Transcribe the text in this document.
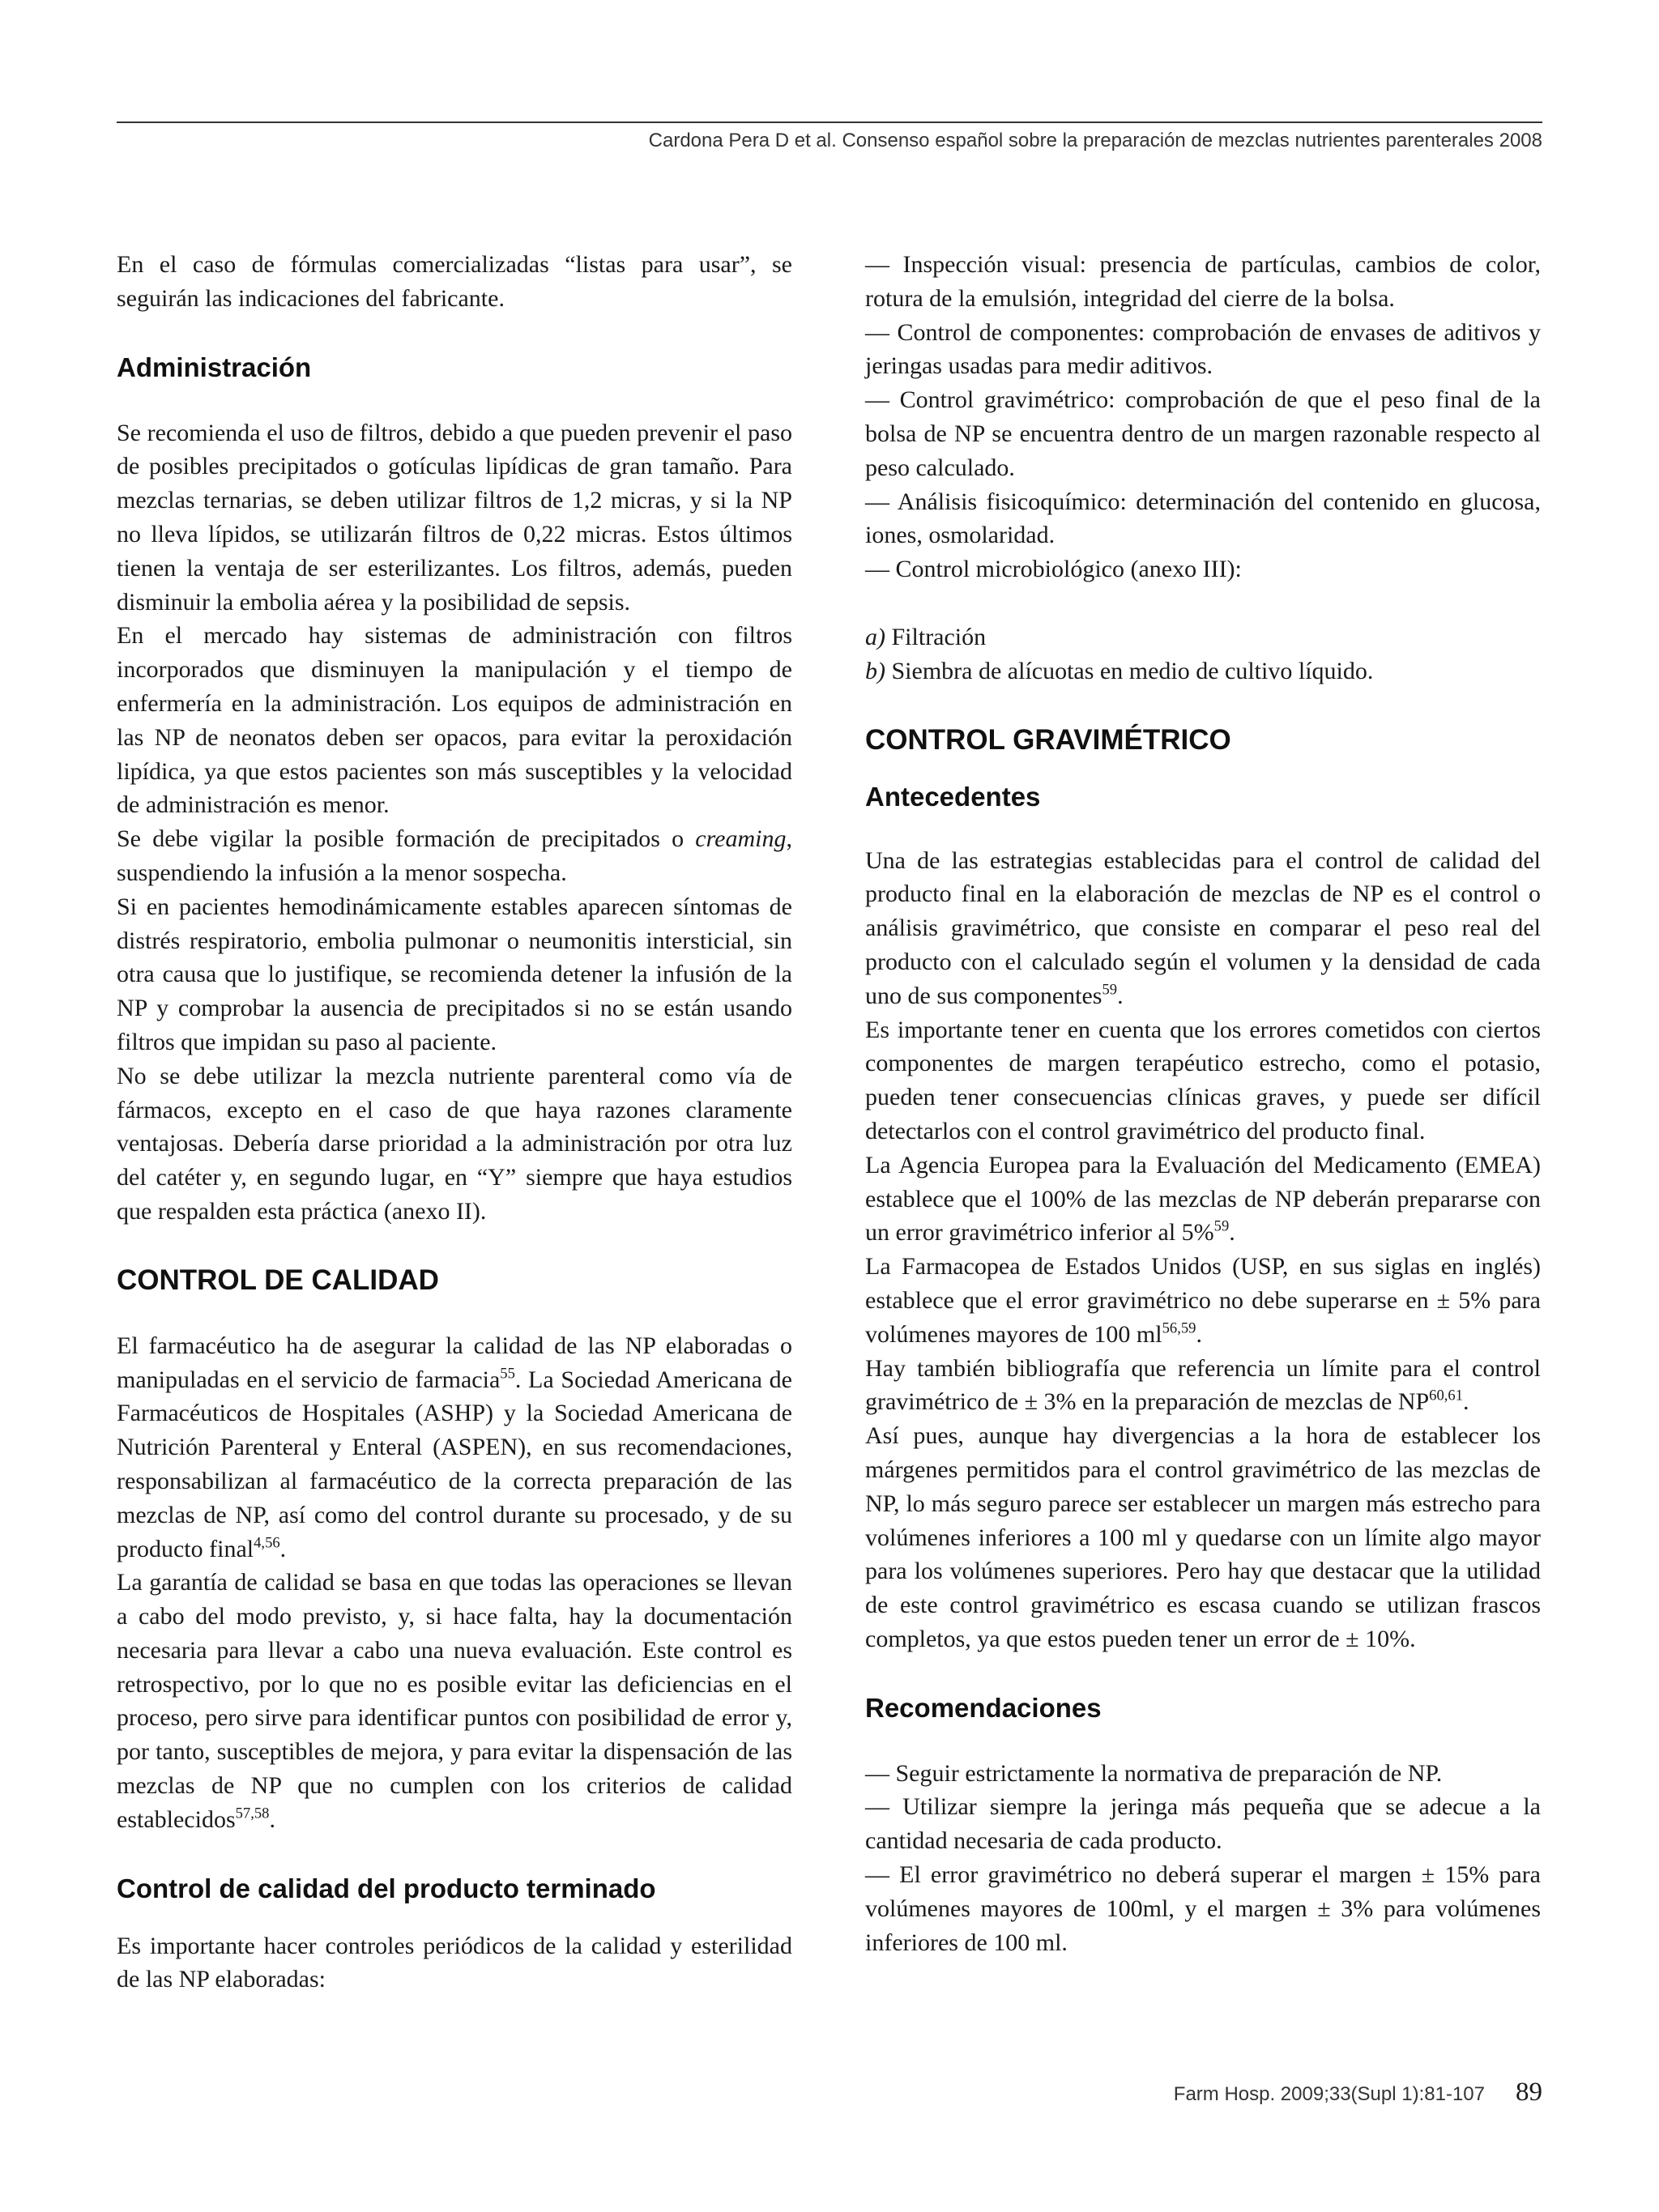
Cardona Pera D et al. Consenso español sobre la preparación de mezclas nutrientes parenterales 2008

En el caso de fórmulas comercializadas “listas para usar”, se seguirán las indicaciones del fabricante.

Administración

Se recomienda el uso de filtros, debido a que pueden prevenir el paso de posibles precipitados o gotículas lipídicas de gran tamaño. Para mezclas ternarias, se deben utilizar filtros de 1,2 micras, y si la NP no lleva lípidos, se utilizarán filtros de 0,22 micras. Estos últimos tienen la ventaja de ser esterilizantes. Los filtros, además, pueden disminuir la embolia aérea y la posibilidad de sepsis.

En el mercado hay sistemas de administración con filtros incorporados que disminuyen la manipulación y el tiempo de enfermería en la administración. Los equipos de administración en las NP de neonatos deben ser opacos, para evitar la peroxidación lipídica, ya que estos pacientes son más susceptibles y la velocidad de administración es menor.

Se debe vigilar la posible formación de precipitados o creaming, suspendiendo la infusión a la menor sospecha.

Si en pacientes hemodinámicamente estables aparecen síntomas de distrés respiratorio, embolia pulmonar o neumonitis intersticial, sin otra causa que lo justifique, se recomienda detener la infusión de la NP y comprobar la ausencia de precipitados si no se están usando filtros que impidan su paso al paciente.

No se debe utilizar la mezcla nutriente parenteral como vía de fármacos, excepto en el caso de que haya razones claramente ventajosas. Debería darse prioridad a la administración por otra luz del catéter y, en segundo lugar, en “Y” siempre que haya estudios que respalden esta práctica (anexo II).

CONTROL DE CALIDAD

El farmacéutico ha de asegurar la calidad de las NP elaboradas o manipuladas en el servicio de farmacia$^{55}$. La Sociedad Americana de Farmacéuticos de Hospitales (ASHP) y la Sociedad Americana de Nutrición Parenteral y Enteral (ASPEN), en sus recomendaciones, responsabilizan al farmacéutico de la correcta preparación de las mezclas de NP, así como del control durante su procesado, y de su producto final$^{4,56}$.

La garantía de calidad se basa en que todas las operaciones se llevan a cabo del modo previsto, y, si hace falta, hay la documentación necesaria para llevar a cabo una nueva evaluación. Este control es retrospectivo, por lo que no es posible evitar las deficiencias en el proceso, pero sirve para identificar puntos con posibilidad de error y, por tanto, susceptibles de mejora, y para evitar la dispensación de las mezclas de NP que no cumplen con los criterios de calidad establecidos$^{57,58}$.

Control de calidad del producto terminado

Es importante hacer controles periódicos de la calidad y esterilidad de las NP elaboradas:

— Inspección visual: presencia de partículas, cambios de color, rotura de la emulsión, integridad del cierre de la bolsa.

— Control de componentes: comprobación de envases de aditivos y jeringas usadas para medir aditivos.

— Control gravimétrico: comprobación de que el peso final de la bolsa de NP se encuentra dentro de un margen razonable respecto al peso calculado.

— Análisis fisicoquímico: determinación del contenido en glucosa, iones, osmolaridad.

— Control microbiológico (anexo III):

a) Filtración

b) Siembra de alícuotas en medio de cultivo líquido.

CONTROL GRAVIMÉTRICO
Antecedentes

Una de las estrategias establecidas para el control de calidad del producto final en la elaboración de mezclas de NP es el control o análisis gravimétrico, que consiste en comparar el peso real del producto con el calculado según el volumen y la densidad de cada uno de sus componentes$^{59}$.

Es importante tener en cuenta que los errores cometidos con ciertos componentes de margen terapéutico estrecho, como el potasio, pueden tener consecuencias clínicas graves, y puede ser difícil detectarlos con el control gravimétrico del producto final.

La Agencia Europea para la Evaluación del Medicamento (EMEA) establece que el 100% de las mezclas de NP deberán prepararse con un error gravimétrico inferior al 5%$^{59}$.

La Farmacopea de Estados Unidos (USP, en sus siglas en inglés) establece que el error gravimétrico no debe superarse en ± 5% para volúmenes mayores de 100 ml$^{56,59}$.

Hay también bibliografía que referencia un límite para el control gravimétrico de ± 3% en la preparación de mezclas de NP$^{60,61}$.

Así pues, aunque hay divergencias a la hora de establecer los márgenes permitidos para el control gravimétrico de las mezclas de NP, lo más seguro parece ser establecer un margen más estrecho para volúmenes inferiores a 100 ml y quedarse con un límite algo mayor para los volúmenes superiores. Pero hay que destacar que la utilidad de este control gravimétrico es escasa cuando se utilizan frascos completos, ya que estos pueden tener un error de ± 10%.

Recomendaciones

— Seguir estrictamente la normativa de preparación de NP.

— Utilizar siempre la jeringa más pequeña que se adecue a la cantidad necesaria de cada producto.

— El error gravimétrico no deberá superar el margen ± 15% para volúmenes mayores de 100ml, y el margen ± 3% para volúmenes inferiores de 100 ml.

Farm Hosp. 2009;33(Supl 1):81-107 89
